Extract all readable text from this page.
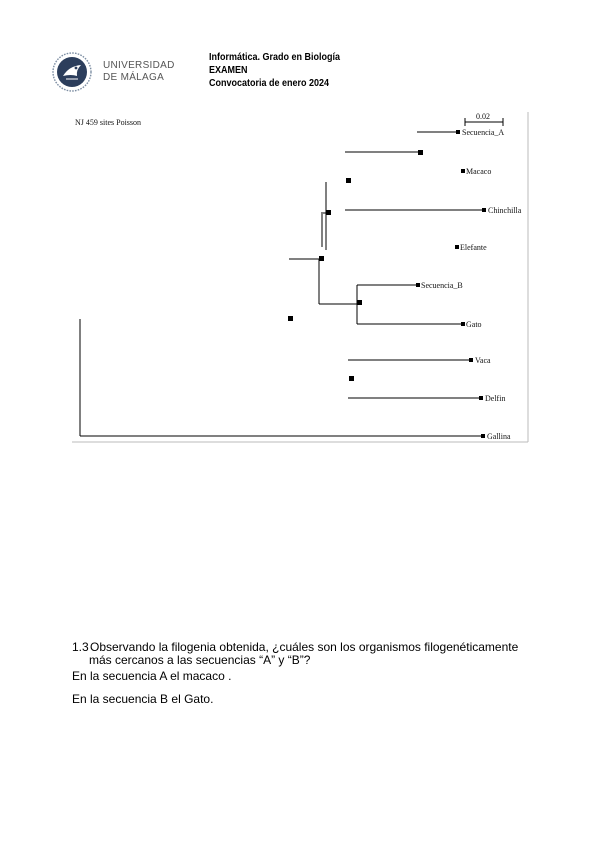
UNIVERSIDAD
DE MÁLAGA
Informática. Grado en Biología
EXAMEN
Convocatoria de enero 2024
NJ 459 sites Poisson
0.02
Secuencia_A
Macaco
Chinchilla
Elefante
Secuencia_B
Gato
Vaca
Delfin
Gallina
1.3Observando la filogenia obtenida, ¿cuáles son los organismos filogenéticamente
más cercanos a las secuencias “A” y “B”?
En la secuencia A el macaco .
En la secuencia B el Gato.
